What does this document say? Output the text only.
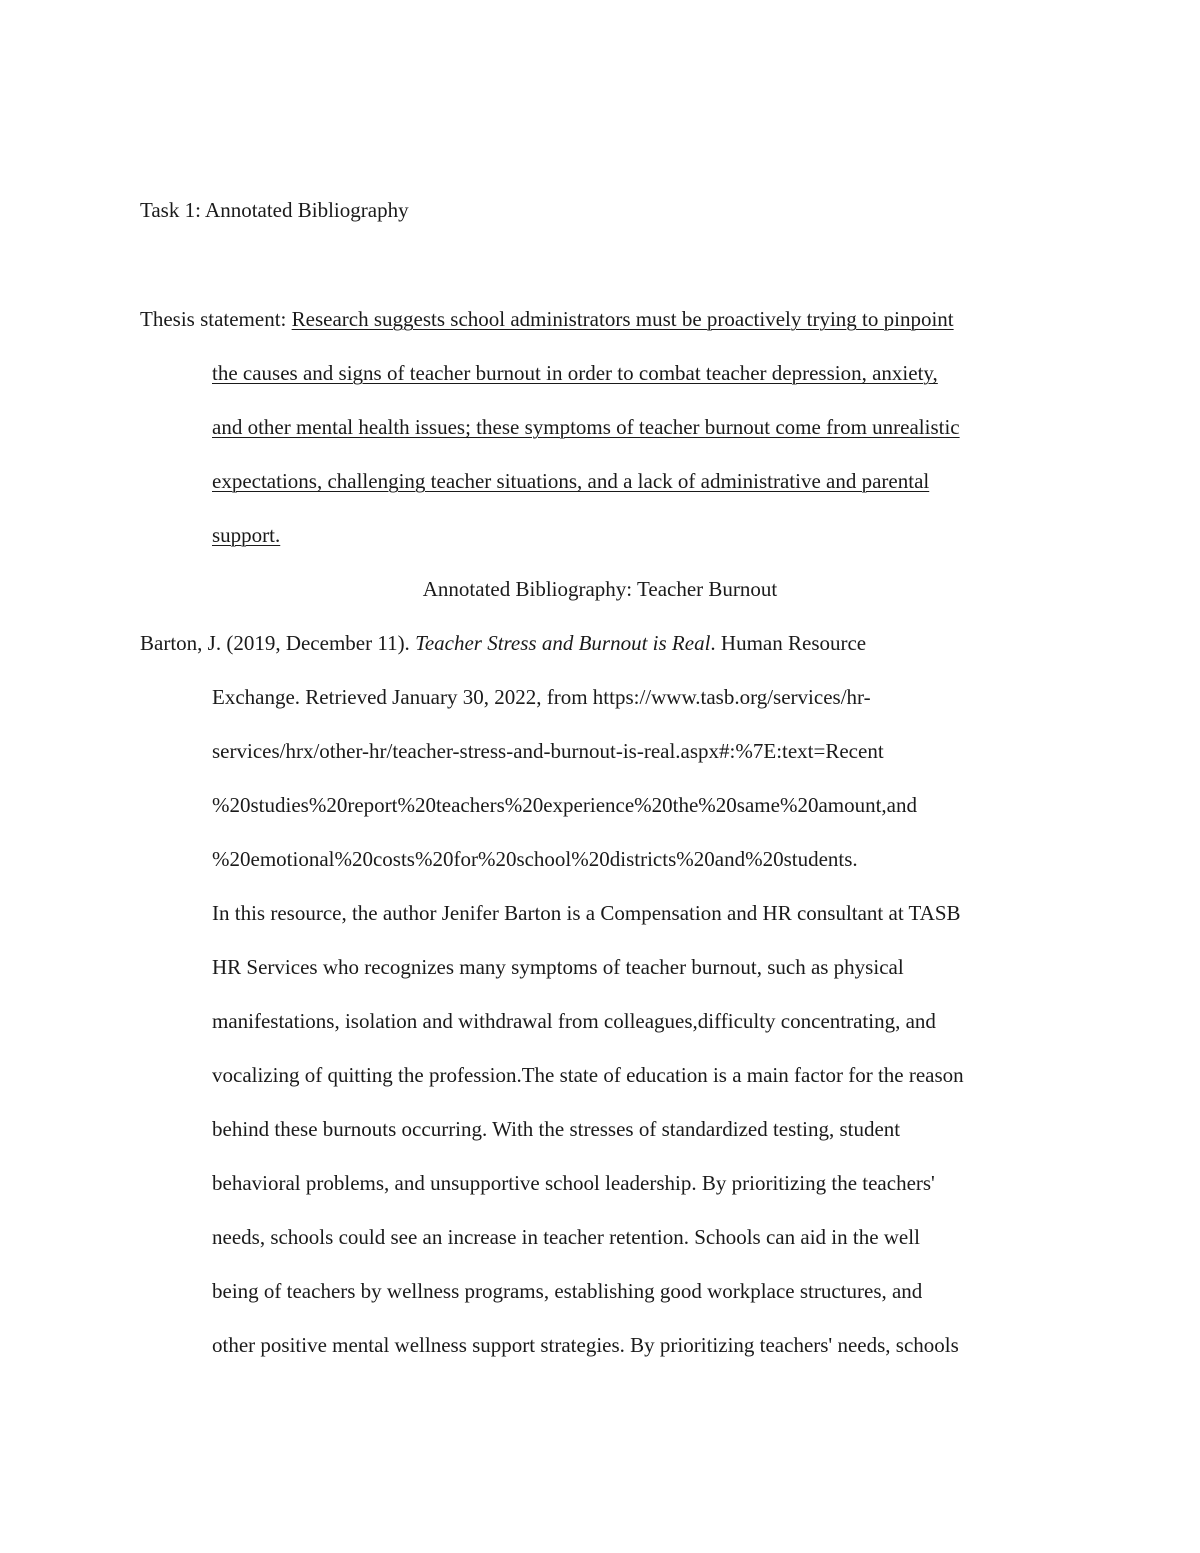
Task 1: Annotated Bibliography
Thesis statement: Research suggests school administrators must be proactively trying to pinpoint
the causes and signs of teacher burnout in order to combat teacher depression, anxiety,
and other mental health issues; these symptoms of teacher burnout come from unrealistic
expectations, challenging teacher situations, and a lack of administrative and parental
support.
Annotated Bibliography: Teacher Burnout
Barton, J. (2019, December 11). Teacher Stress and Burnout is Real. Human Resource
Exchange. Retrieved January 30, 2022, from https://www.tasb.org/services/hr-
services/hrx/other-hr/teacher-stress-and-burnout-is-real.aspx#:%7E:text=Recent
%20studies%20report%20teachers%20experience%20the%20same%20amount,and
%20emotional%20costs%20for%20school%20districts%20and%20students.
In this resource, the author Jenifer Barton is a Compensation and HR consultant at TASB
HR Services who recognizes many symptoms of teacher burnout, such as physical
manifestations, isolation and withdrawal from colleagues,difficulty concentrating, and
vocalizing of quitting the profession.The state of education is a main factor for the reason
behind these burnouts occurring. With the stresses of standardized testing, student
behavioral problems, and unsupportive school leadership. By prioritizing the teachers'
needs, schools could see an increase in teacher retention. Schools can aid in the well
being of teachers by wellness programs, establishing good workplace structures, and
other positive mental wellness support strategies. By prioritizing teachers' needs, schools
